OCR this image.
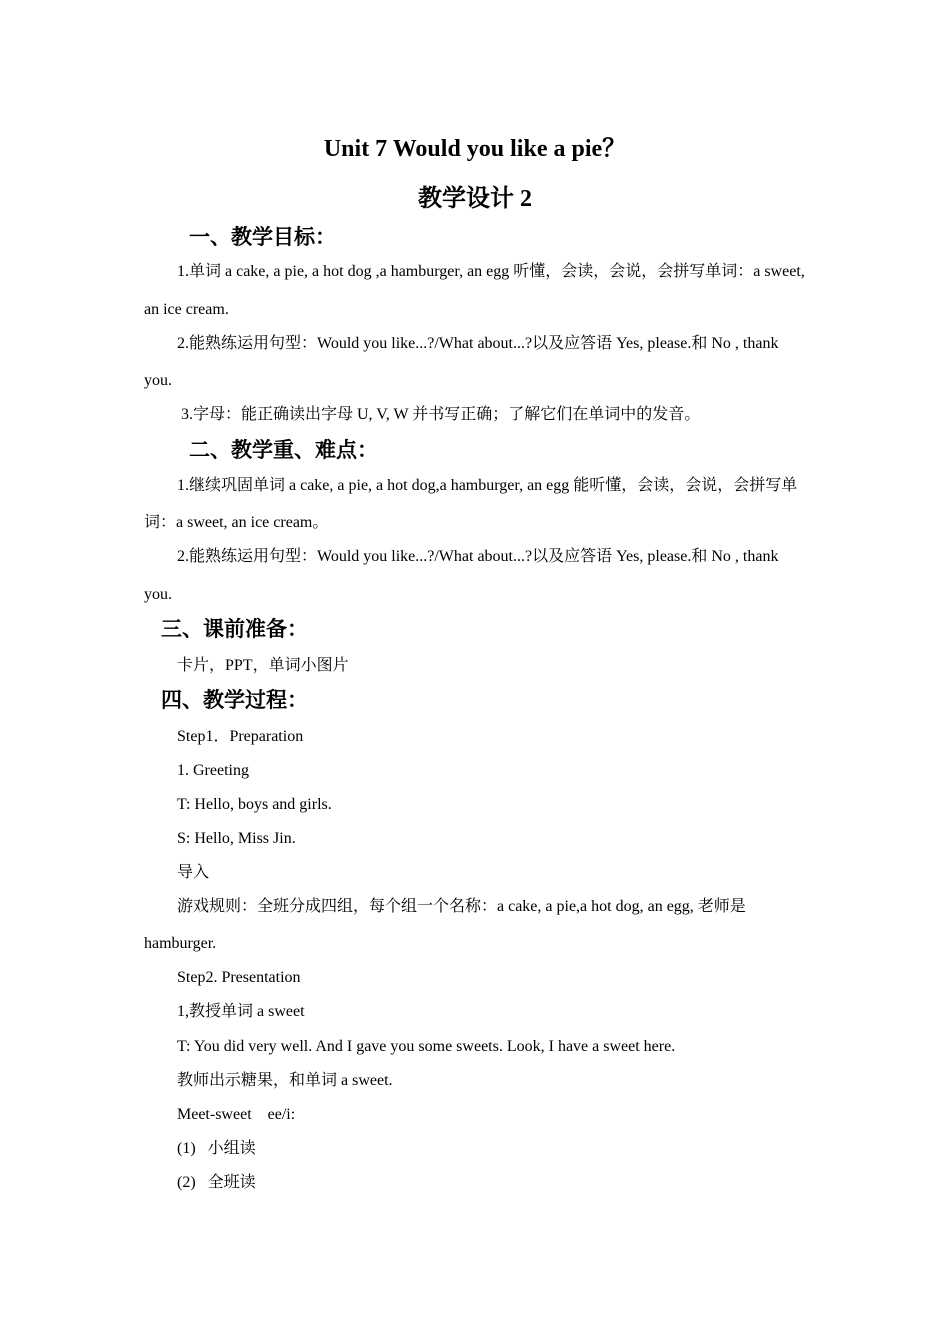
Unit 7 Would you like a pie？
教学设计 2
一、教学目标：

1.单词 a cake, a pie, a hot dog ,a hamburger, an egg 听懂，会读，会说，会拼写单词：a sweet,

an ice cream.

2.能熟练运用句型：Would you like...?/What about...?以及应答语 Yes, please.和 No , thank

you.

3.字母：能正确读出字母 U, V, W 并书写正确；了解它们在单词中的发音。

二、教学重、难点：

1.继续巩固单词 a cake, a pie, a hot dog,a hamburger, an egg 能听懂，会读，会说，会拼写单

词：a sweet, an ice cream。

2.能熟练运用句型：Would you like...?/What about...?以及应答语 Yes, please.和 No , thank

you.

三、课前准备：

卡片，PPT，单词小图片

四、教学过程：

Step1．Preparation

1. Greeting

T: Hello, boys and girls.

S: Hello, Miss Jin.

导入

游戏规则：全班分成四组，每个组一个名称：a cake, a pie,a hot dog, an egg, 老师是

hamburger.

Step2. Presentation

1,教授单词 a sweet

T: You did very well. And I gave you some sweets. Look, I have a sweet here.

教师出示糖果，和单词 a sweet.

Meet-sweet    ee/i:

(1)   小组读

(2)   全班读
